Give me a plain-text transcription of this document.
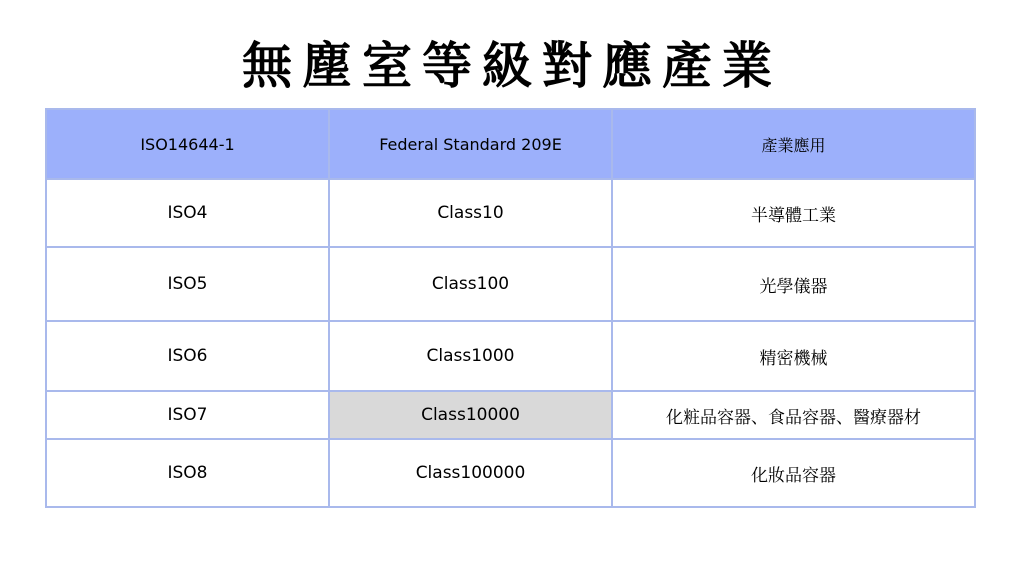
無塵室等級對應產業
ISO14644-1	Federal Standard 209E	產業應用
ISO4	Class10	半導體工業
ISO5	Class100	光學儀器
ISO6	Class1000	精密機械
ISO7	Class10000	化粧品容器、食品容器、醫療器材
ISO8	Class100000	化妝品容器
